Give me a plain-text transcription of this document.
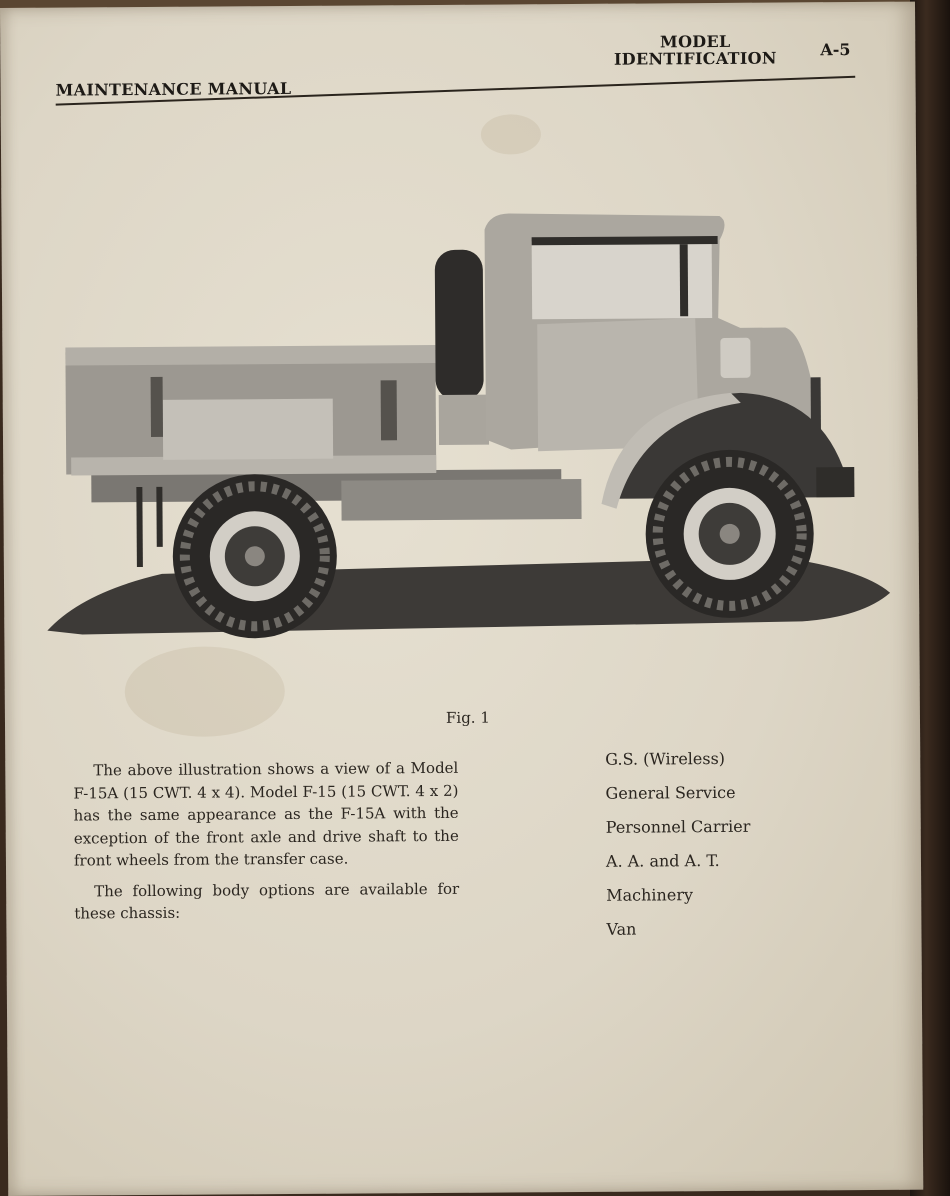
MAINTENANCE MANUAL
MODEL
IDENTIFICATION	A-5
Fig. 1

The above illustration shows a view of a Model F-15A (15 CWT. 4 x 4). Model F-15 (15 CWT. 4 x 2) has the same appearance as the F-15A with the exception of the front axle and drive shaft to the front wheels from the transfer case.

The following body options are available for these chassis:

G.S. (Wireless)
General Service
Personnel Carrier
A. A. and A. T.
Machinery
Van
